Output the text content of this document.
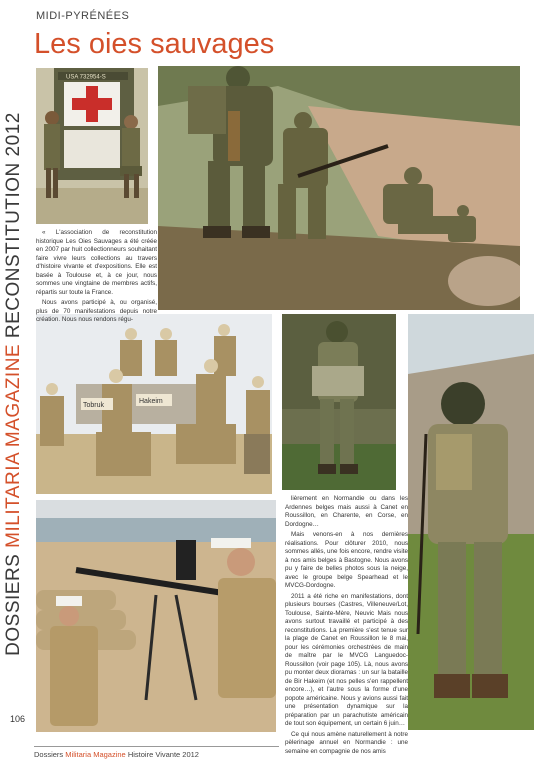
DOSSIERS MILITARIA MAGAZINE RECONSTITUTION 2012
MIDI-PYRÉNÉES
Les oies sauvages
USA 732954-S
Tobruk
Hakeim

« L'association de reconstitution historique Les Oies Sauvages a été créée en 2007 par huit collectionneurs souhaitant faire vivre leurs collections au travers d'histoire vivante et d'expositions. Elle est basée à Toulouse et, à ce jour, nous sommes une vingtaine de membres actifs, répartis sur toute la France.

Nous avons participé à, ou organisé, plus de 70 manifestations depuis notre création. Nous nous rendons régu-

lièrement en Normandie ou dans les Ardennes belges mais aussi à Canet en Roussillon, en Charente, en Corse, en Dordogne…

Mais venons-en à nos dernières réalisations. Pour clôturer 2010, nous sommes allés, une fois encore, rendre visite à nos amis belges à Bastogne. Nous avons pu y faire de belles photos sous la neige, avec le groupe belge Spearhead et le MVCG-Dordogne.

2011 a été riche en manifestations, dont plusieurs bourses (Castres, Villeneuve/Lot, Toulouse, Sainte-Mère, Neuvic Mais nous avons surtout travaillé et participé à des reconstitutions. La première s'est tenue sur la plage de Canet en Roussillon le 8 mai, pour les cérémonies orchestrées de main de maître par le MVCG Languedoc-Roussillon (voir page 105). Là, nous avons pu monter deux dioramas : un sur la bataille de Bir Hakeim (et nos pelles s'en rappellent encore…), et l'autre sous la forme d'une popote américaine. Nous y avions aussi fait une présentation dynamique sur la préparation par un parachutiste américain de tout son équipement, un certain 6 juin…

Ce qui nous amène naturellement à notre pèlerinage annuel en Normandie : une semaine en compagnie de nos amis

106
Dossiers Militaria Magazine Histoire Vivante 2012
